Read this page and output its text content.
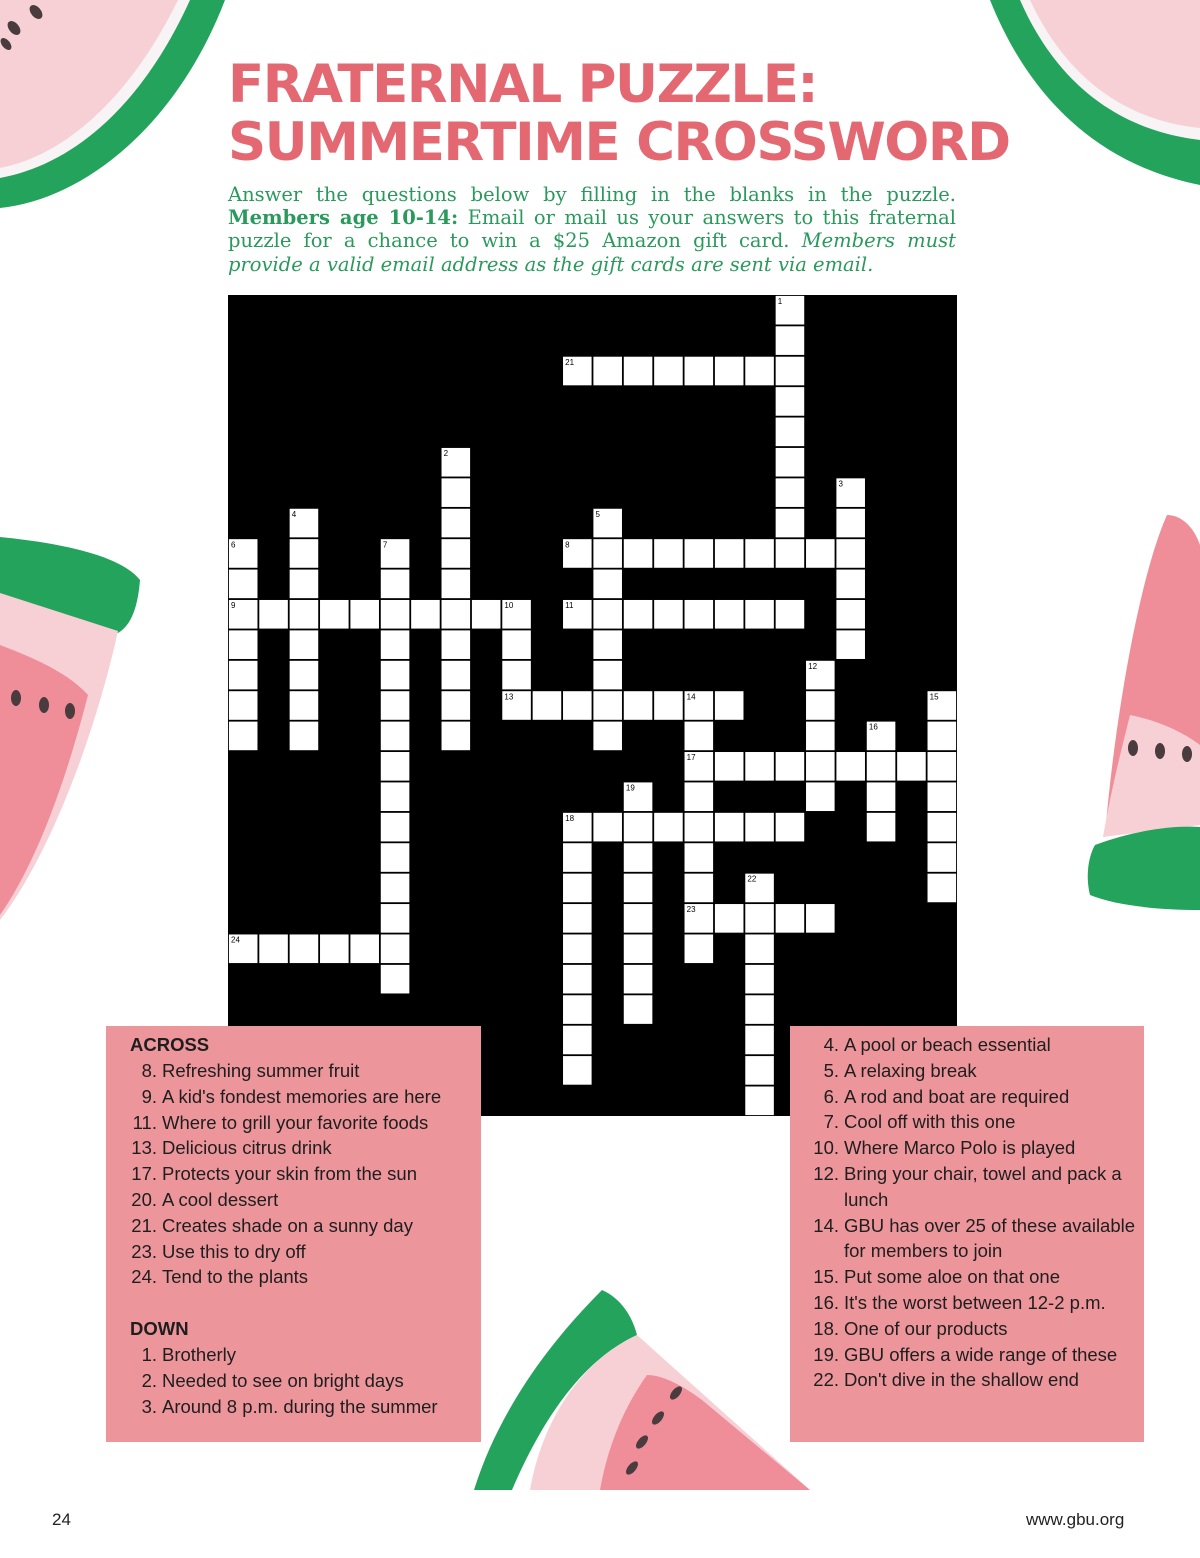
FRATERNAL PUZZLE:
SUMMERTIME CROSSWORD

Answer the questions below by filling in the blanks in the puzzle. Members age 10-14: Email or mail us your answers to this fraternal puzzle for a chance to win a $25 Amazon gift card. Members must provide a valid email address as the gift cards are sent via email.

1
21
2
3
4	5
6	7	8
9	10	11
12
13	14	15
16
17
19
18
22
23
24
ACROSS
8. Refreshing summer fruit
9. A kid's fondest memories are here
11. Where to grill your favorite foods
13. Delicious citrus drink
17. Protects your skin from the sun
20. A cool dessert
21. Creates shade on a sunny day
23. Use this to dry off
24. Tend to the plants
DOWN
1. Brotherly
2. Needed to see on bright days
3. Around 8 p.m. during the summer
4. A pool or beach essential
5. A relaxing break
6. A rod and boat are required
7. Cool off with this one
10. Where Marco Polo is played
12. Bring your chair, towel and pack a lunch
14. GBU has over 25 of these available for members to join
15. Put some aloe on that one
16. It's the worst between 12-2 p.m.
18. One of our products
19. GBU offers a wide range of these
22. Don't dive in the shallow end
24	www.gbu.org
